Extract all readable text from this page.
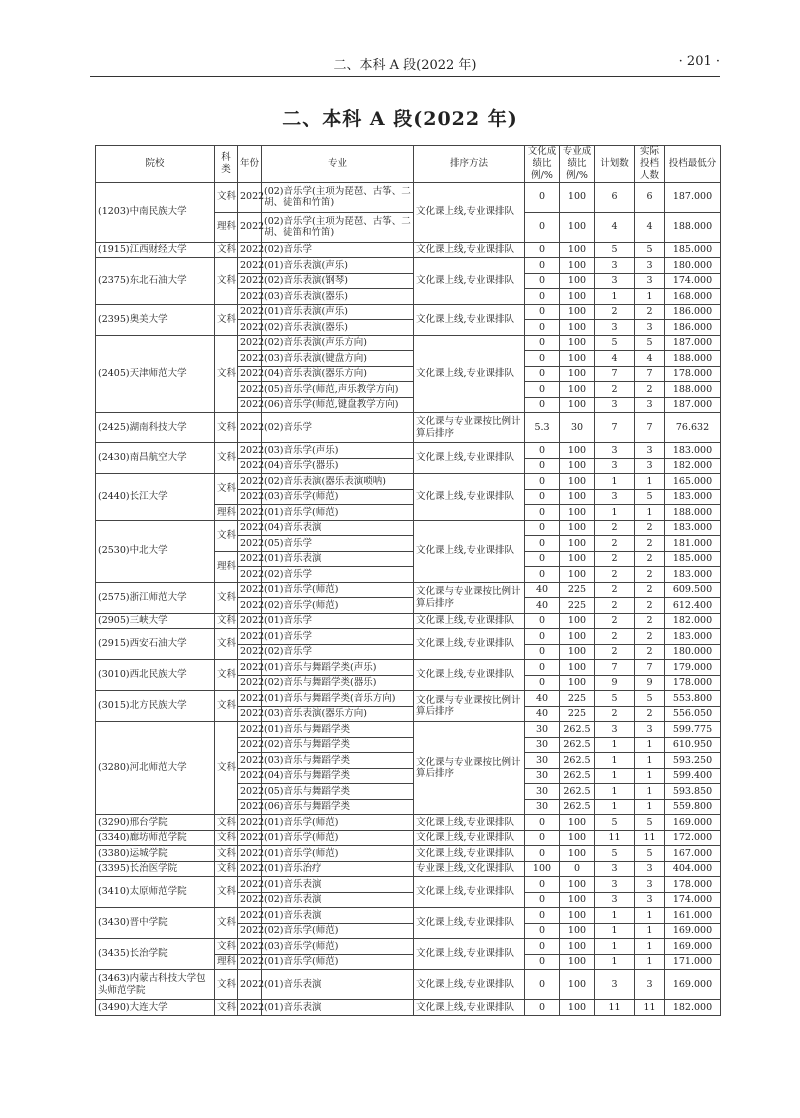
二、本科 A 段(2022 年)	· 201 ·
二、本科 A 段(2022 年)
院校	科类	年份	专业	排序方法	文化成绩比例/%	专业成绩比例/%	计划数	实际投档人数	投档最低分
(1203)中南民族大学	文科	2022	(02)音乐学(主项为琵琶、古筝、二胡、徒笛和竹笛)	文化课上线,专业课排队	0	100	6	6	187.000
	理科	2022	(02)音乐学(主项为琵琶、古筝、二胡、徒笛和竹笛)		0	100	4	4	188.000
(1915)江西财经大学	文科	2022	(02)音乐学	文化课上线,专业课排队	0	100	5	5	185.000
(2375)东北石油大学	文科	2022	(01)音乐表演(声乐)	文化课上线,专业课排队	0	100	3	3	180.000
		2022	(02)音乐表演(钢琴)		0	100	3	3	174.000
		2022	(03)音乐表演(器乐)		0	100	1	1	168.000
(2395)奥美大学	文科	2022	(01)音乐表演(声乐)	文化课上线,专业课排队	0	100	2	2	186.000
		2022	(02)音乐表演(器乐)		0	100	3	3	186.000
(2405)天津师范大学	文科	2022	(02)音乐表演(声乐方向)	文化课上线,专业课排队	0	100	5	5	187.000
		2022	(03)音乐表演(键盘方向)		0	100	4	4	188.000
		2022	(04)音乐表演(器乐方向)		0	100	7	7	178.000
		2022	(05)音乐学(师范,声乐教学方向)		0	100	2	2	188.000
		2022	(06)音乐学(师范,键盘教学方向)		0	100	3	3	187.000
(2425)湖南科技大学	文科	2022	(02)音乐学	文化课与专业课按比例计算后排序	5.3	30	7	7	76.632
(2430)南昌航空大学	文科	2022	(03)音乐学(声乐)	文化课上线,专业课排队	0	100	3	3	183.000
		2022	(04)音乐学(器乐)		0	100	3	3	182.000
(2440)长江大学	文科	2022	(02)音乐表演(器乐表演唢呐)	文化课上线,专业课排队	0	100	1	1	165.000
		2022	(03)音乐学(师范)		0	100	3	5	183.000
	理科	2022	(01)音乐学(师范)		0	100	1	1	188.000
(2530)中北大学	文科	2022	(04)音乐表演	文化课上线,专业课排队	0	100	2	2	183.000
		2022	(05)音乐学		0	100	2	2	181.000
	理科	2022	(01)音乐表演		0	100	2	2	185.000
		2022	(02)音乐学		0	100	2	2	183.000
(2575)浙江师范大学	文科	2022	(01)音乐学(师范)	文化课与专业课按比例计算后排序	40	225	2	2	609.500
		2022	(02)音乐学(师范)		40	225	2	2	612.400
(2905)三峡大学	文科	2022	(01)音乐学	文化课上线,专业课排队	0	100	2	2	182.000
(2915)西安石油大学	文科	2022	(01)音乐学	文化课上线,专业课排队	0	100	2	2	183.000
		2022	(02)音乐学		0	100	2	2	180.000
(3010)西北民族大学	文科	2022	(01)音乐与舞蹈学类(声乐)	文化课上线,专业课排队	0	100	7	7	179.000
		2022	(02)音乐与舞蹈学类(器乐)		0	100	9	9	178.000
(3015)北方民族大学	文科	2022	(01)音乐与舞蹈学类(音乐方向)	文化课与专业课按比例计算后排序	40	225	5	5	553.800
		2022	(03)音乐表演(器乐方向)		40	225	2	2	556.050
(3280)河北师范大学	文科	2022	(01)音乐与舞蹈学类	文化课与专业课按比例计算后排序	30	262.5	3	3	599.775
		2022	(02)音乐与舞蹈学类		30	262.5	1	1	610.950
		2022	(03)音乐与舞蹈学类		30	262.5	1	1	593.250
		2022	(04)音乐与舞蹈学类		30	262.5	1	1	599.400
		2022	(05)音乐与舞蹈学类		30	262.5	1	1	593.850
		2022	(06)音乐与舞蹈学类		30	262.5	1	1	559.800
(3290)邢台学院	文科	2022	(01)音乐学(师范)	文化课上线,专业课排队	0	100	5	5	169.000
(3340)廊坊师范学院	文科	2022	(01)音乐学(师范)	文化课上线,专业课排队	0	100	11	11	172.000
(3380)运城学院	文科	2022	(01)音乐学(师范)	文化课上线,专业课排队	0	100	5	5	167.000
(3395)长治医学院	文科	2022	(01)音乐治疗	专业课上线,文化课排队	100	0	3	3	404.000
(3410)太原师范学院	文科	2022	(01)音乐表演	文化课上线,专业课排队	0	100	3	3	178.000
		2022	(02)音乐表演		0	100	3	3	174.000
(3430)晋中学院	文科	2022	(01)音乐表演	文化课上线,专业课排队	0	100	1	1	161.000
		2022	(02)音乐学(师范)		0	100	1	1	169.000
(3435)长治学院	文科	2022	(03)音乐学(师范)	文化课上线,专业课排队	0	100	1	1	169.000
	理科	2022	(01)音乐学(师范)		0	100	1	1	171.000
(3463)内蒙古科技大学包头师范学院	文科	2022	(01)音乐表演	文化课上线,专业课排队	0	100	3	3	169.000
(3490)大连大学	文科	2022	(01)音乐表演	文化课上线,专业课排队	0	100	11	11	182.000
